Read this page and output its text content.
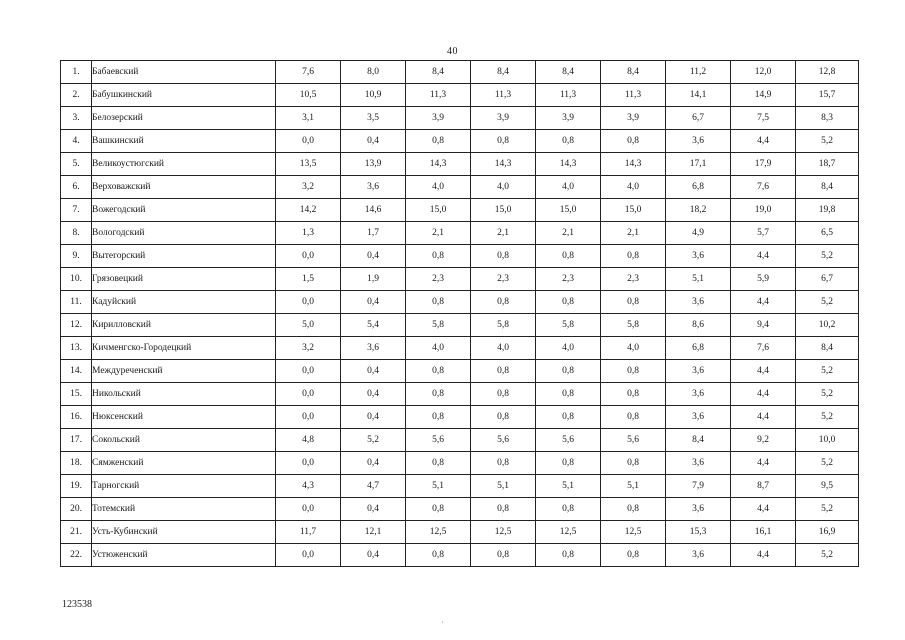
40
1.	Бабаевский	7,6	8,0	8,4	8,4	8,4	8,4	11,2	12,0	12,8
2.	Бабушкинский	10,5	10,9	11,3	11,3	11,3	11,3	14,1	14,9	15,7
3.	Белозерский	3,1	3,5	3,9	3,9	3,9	3,9	6,7	7,5	8,3
4.	Вашкинский	0,0	0,4	0,8	0,8	0,8	0,8	3,6	4,4	5,2
5.	Великоустюгский	13,5	13,9	14,3	14,3	14,3	14,3	17,1	17,9	18,7
6.	Верховажский	3,2	3,6	4,0	4,0	4,0	4,0	6,8	7,6	8,4
7.	Вожегодский	14,2	14,6	15,0	15,0	15,0	15,0	18,2	19,0	19,8
8.	Вологодский	1,3	1,7	2,1	2,1	2,1	2,1	4,9	5,7	6,5
9.	Вытегорский	0,0	0,4	0,8	0,8	0,8	0,8	3,6	4,4	5,2
10.	Грязовецкий	1,5	1,9	2,3	2,3	2,3	2,3	5,1	5,9	6,7
11.	Кадуйский	0,0	0,4	0,8	0,8	0,8	0,8	3,6	4,4	5,2
12.	Кирилловский	5,0	5,4	5,8	5,8	5,8	5,8	8,6	9,4	10,2
13.	Кичменгско-Городецкий	3,2	3,6	4,0	4,0	4,0	4,0	6,8	7,6	8,4
14.	Междуреченский	0,0	0,4	0,8	0,8	0,8	0,8	3,6	4,4	5,2
15.	Никольский	0,0	0,4	0,8	0,8	0,8	0,8	3,6	4,4	5,2
16.	Нюксенский	0,0	0,4	0,8	0,8	0,8	0,8	3,6	4,4	5,2
17.	Сокольский	4,8	5,2	5,6	5,6	5,6	5,6	8,4	9,2	10,0
18.	Сямженский	0,0	0,4	0,8	0,8	0,8	0,8	3,6	4,4	5,2
19.	Тарногский	4,3	4,7	5,1	5,1	5,1	5,1	7,9	8,7	9,5
20.	Тотемский	0,0	0,4	0,8	0,8	0,8	0,8	3,6	4,4	5,2
21.	Усть-Кубинский	11,7	12,1	12,5	12,5	12,5	12,5	15,3	16,1	16,9
22.	Устюженский	0,0	0,4	0,8	0,8	0,8	0,8	3,6	4,4	5,2
123538
·
